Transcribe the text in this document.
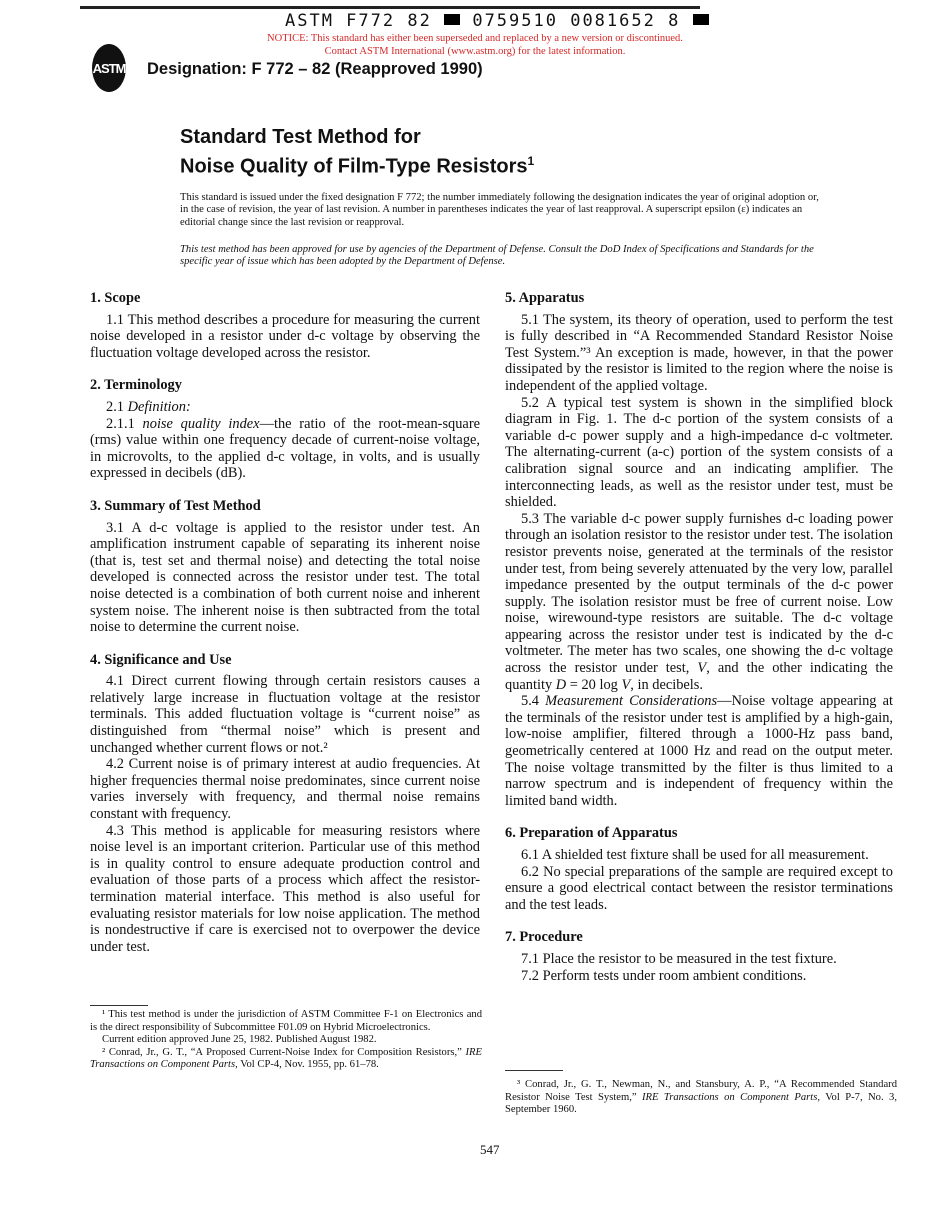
ASTM F772 82 0759510 0081652 8
NOTICE: This standard has either been superseded and replaced by a new version or discontinued.
Contact ASTM International (www.astm.org) for the latest information.
ASTM Designation: F 772 – 82 (Reapproved 1990)
Standard Test Method for
Noise Quality of Film-Type Resistors$^1$
This standard is issued under the fixed designation F 772; the number immediately following the designation indicates the year of original adoption or, in the case of revision, the year of last revision. A number in parentheses indicates the year of last reapproval. A superscript epsilon (ε) indicates an editorial change since the last revision or reapproval.
This test method has been approved for use by agencies of the Department of Defense. Consult the DoD Index of Specifications and Standards for the specific year of issue which has been adopted by the Department of Defense.
1. Scope

1.1 This method describes a procedure for measuring the current noise developed in a resistor under d-c voltage by observing the fluctuation voltage developed across the resistor.

2. Terminology

2.1 Definition:

2.1.1 noise quality index—the ratio of the root-mean-square (rms) value within one frequency decade of current-noise voltage, in microvolts, to the applied d-c voltage, in volts, and is usually expressed in decibels (dB).

3. Summary of Test Method

3.1 A d-c voltage is applied to the resistor under test. An amplification instrument capable of separating its inherent noise (that is, test set and thermal noise) and detecting the total noise developed is connected across the resistor under test. The total noise detected is a combination of both current noise and inherent system noise. The inherent noise is then subtracted from the total noise to determine the current noise.

4. Significance and Use

4.1 Direct current flowing through certain resistors causes a relatively large increase in fluctuation voltage at the resistor terminals. This added fluctuation voltage is “current noise” as distinguished from “thermal noise” which is present and unchanged whether current flows or not.²

4.2 Current noise is of primary interest at audio frequencies. At higher frequencies thermal noise predominates, since current noise varies inversely with frequency, and thermal noise remains constant with frequency.

4.3 This method is applicable for measuring resistors where noise level is an important criterion. Particular use of this method is in quality control to ensure adequate production control and evaluation of those parts of a process which affect the resistor-termination material interface. This method is also useful for evaluating resistor materials for low noise application. The method is nondestructive if care is exercised not to overpower the device under test.

5. Apparatus

5.1 The system, its theory of operation, used to perform the test is fully described in “A Recommended Standard Resistor Noise Test System.”³ An exception is made, however, in that the power dissipated by the resistor is limited to the region where the noise is independent of the applied voltage.

5.2 A typical test system is shown in the simplified block diagram in Fig. 1. The d-c portion of the system consists of a variable d-c power supply and a high-impedance d-c voltmeter. The alternating-current (a-c) portion of the system consists of a calibration signal source and an indicating amplifier. The interconnecting leads, as well as the resistor under test, must be shielded.

5.3 The variable d-c power supply furnishes d-c loading power through an isolation resistor to the resistor under test. The isolation resistor prevents noise, generated at the terminals of the resistor under test, from being severely attenuated by the very low, parallel impedance presented by the output terminals of the d-c power supply. The isolation resistor must be free of current noise. Low noise, wirewound-type resistors are suitable. The d-c voltage appearing across the resistor under test is indicated by the d-c voltmeter. The meter has two scales, one showing the d-c voltage across the resistor under test, V, and the other indicating the quantity D = 20 log V, in decibels.

5.4 Measurement Considerations—Noise voltage appearing at the terminals of the resistor under test is amplified by a high-gain, low-noise amplifier, filtered through a 1000-Hz pass band, geometrically centered at 1000 Hz and read on the output meter. The noise voltage transmitted by the filter is thus limited to a narrow spectrum and is independent of frequency within the limited band width.

6. Preparation of Apparatus

6.1 A shielded test fixture shall be used for all measurement.

6.2 No special preparations of the sample are required except to ensure a good electrical contact between the resistor terminations and the test leads.

7. Procedure

7.1 Place the resistor to be measured in the test fixture.

7.2 Perform tests under room ambient conditions.

¹ This test method is under the jurisdiction of ASTM Committee F-1 on Electronics and is the direct responsibility of Subcommittee F01.09 on Hybrid Microelectronics.

Current edition approved June 25, 1982. Published August 1982.

² Conrad, Jr., G. T., “A Proposed Current-Noise Index for Composition Resistors,” IRE Transactions on Component Parts, Vol CP-4, Nov. 1955, pp. 61–78.

³ Conrad, Jr., G. T., Newman, N., and Stansbury, A. P., “A Recommended Standard Resistor Noise Test System,” IRE Transactions on Component Parts, Vol P-7, No. 3, September 1960.

547
